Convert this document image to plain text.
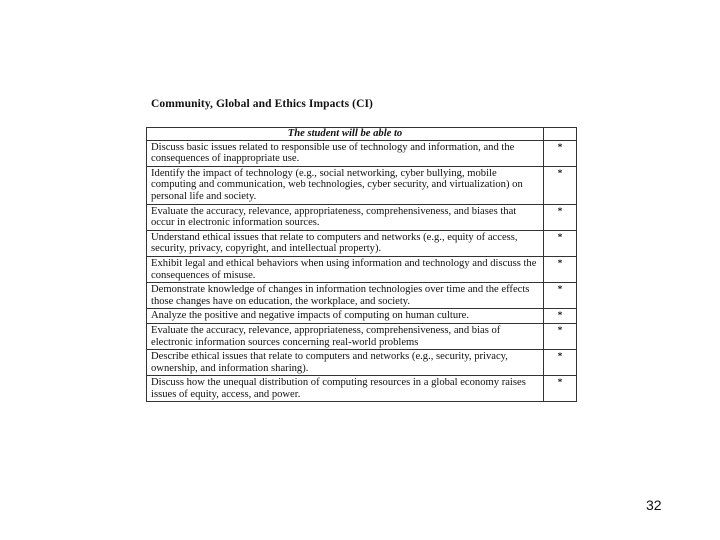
Community, Global and Ethics Impacts (CI)
The student will be able to	
Discuss basic issues related to responsible use of technology and information, and the consequences of inappropriate use.	*
Identify the impact of technology (e.g., social networking, cyber bullying, mobile computing and communication, web technologies, cyber security, and virtualization) on personal life and society.	*
Evaluate the accuracy, relevance, appropriateness, comprehensiveness, and biases that occur in electronic information sources.	*
Understand ethical issues that relate to computers and networks (e.g., equity of access, security, privacy, copyright, and intellectual property).	*
Exhibit legal and ethical behaviors when using information and technology and discuss the consequences of misuse.	*
Demonstrate knowledge of changes in information technologies over time and the effects those changes have on education, the workplace, and society.	*
Analyze the positive and negative impacts of computing on human culture.	*
Evaluate the accuracy, relevance, appropriateness, comprehensiveness, and bias of electronic information sources concerning real-world problems	*
Describe ethical issues that relate to computers and networks (e.g., security, privacy, ownership, and information sharing).	*
Discuss how the unequal distribution of computing resources in a global economy raises issues of equity, access, and power.	*
32
